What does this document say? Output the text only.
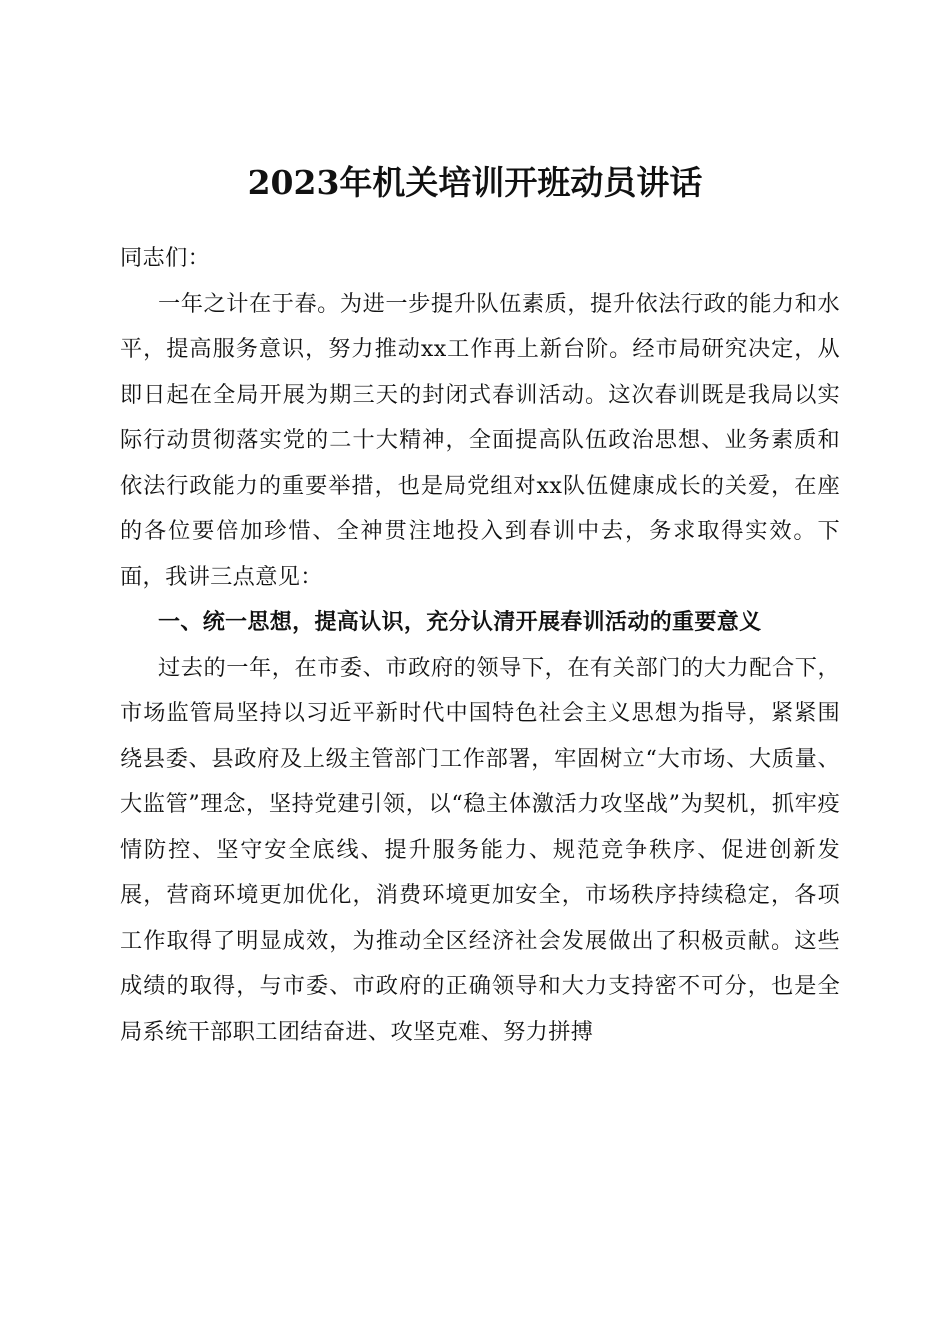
2023年机关培训开班动员讲话

同志们：

一年之计在于春。为进一步提升队伍素质，提升依法行政的能力和水平，提高服务意识，努力推动xx工作再上新台阶。经市局研究决定，从即日起在全局开展为期三天的封闭式春训活动。这次春训既是我局以实际行动贯彻落实党的二十大精神，全面提高队伍政治思想、业务素质和依法行政能力的重要举措，也是局党组对xx队伍健康成长的关爱，在座的各位要倍加珍惜、全神贯注地投入到春训中去，务求取得实效。下面，我讲三点意见：

一、统一思想，提高认识，充分认清开展春训活动的重要意义

过去的一年，在市委、市政府的领导下，在有关部门的大力配合下，市场监管局坚持以习近平新时代中国特色社会主义思想为指导，紧紧围绕县委、县政府及上级主管部门工作部署，牢固树立“大市场、大质量、大监管”理念，坚持党建引领，以“稳主体激活力攻坚战”为契机，抓牢疫情防控、坚守安全底线、提升服务能力、规范竞争秩序、促进创新发展，营商环境更加优化，消费环境更加安全，市场秩序持续稳定，各项工作取得了明显成效，为推动全区经济社会发展做出了积极贡献。这些成绩的取得，与市委、市政府的正确领导和大力支持密不可分，也是全局系统干部职工团结奋进、攻坚克难、努力拼搏
